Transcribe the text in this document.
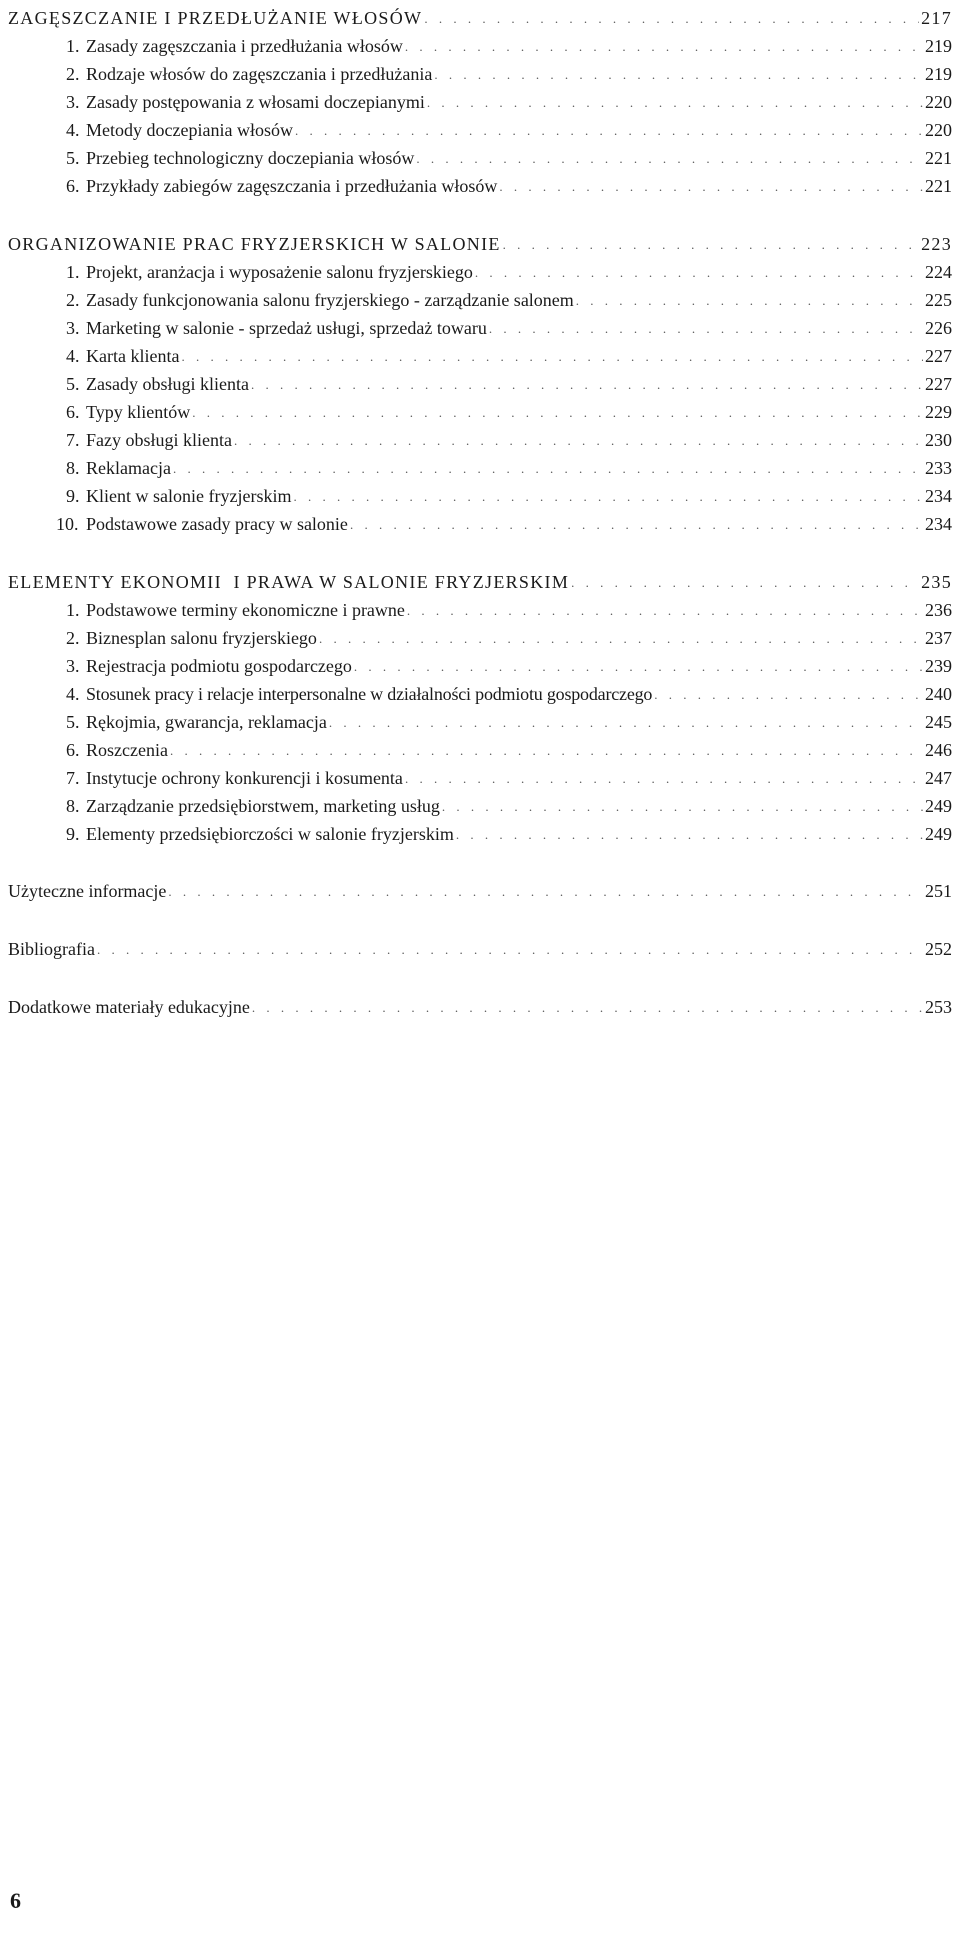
ZAGĘSZCZANIE I PRZEDŁUŻANIE WŁOSÓW . . .	217
1. Zasady zagęszczania i przedłużania włosów . . .	219
2. Rodzaje włosów do zagęszczania i przedłużania . . .	219
3. Zasady postępowania z włosami doczepianymi . . .	220
4. Metody doczepiania włosów . . .	220
5. Przebieg technologiczny doczepiania włosów . . .	221
6. Przykłady zabiegów zagęszczania i przedłużania włosów . . .	221
ORGANIZOWANIE PRAC FRYZJERSKICH W SALONIE . . .	223
1. Projekt, aranżacja i wyposażenie salonu fryzjerskiego . . .	224
2. Zasady funkcjonowania salonu fryzjerskiego - zarządzanie salonem . . .	225
3. Marketing w salonie - sprzedaż usługi, sprzedaż towaru . . .	226
4. Karta klienta . . .	227
5. Zasady obsługi klienta . . .	227
6. Typy klientów . . .	229
7. Fazy obsługi klienta . . .	230
8. Reklamacja . . .	233
9. Klient w salonie fryzjerskim . . .	234
10. Podstawowe zasady pracy w salonie . . .	234
ELEMENTY EKONOMII  I PRAWA W SALONIE FRYZJERSKIM . . .	235
1. Podstawowe terminy ekonomiczne i prawne . . .	236
2. Biznesplan salonu fryzjerskiego . . .	237
3. Rejestracja podmiotu gospodarczego . . .	239
4. Stosunek pracy i relacje interpersonalne w działalności podmiotu gospodarczego . . .	240
5. Rękojmia, gwarancja, reklamacja . . .	245
6. Roszczenia . . .	246
7. Instytucje ochrony konkurencji i kosumenta . . .	247
8. Zarządzanie przedsiębiorstwem, marketing usług . . .	249
9. Elementy przedsiębiorczości w salonie fryzjerskim . . .	249
Użyteczne informacje . . .	251
Bibliografia . . .	252
Dodatkowe materiały edukacyjne . . .	253
6
